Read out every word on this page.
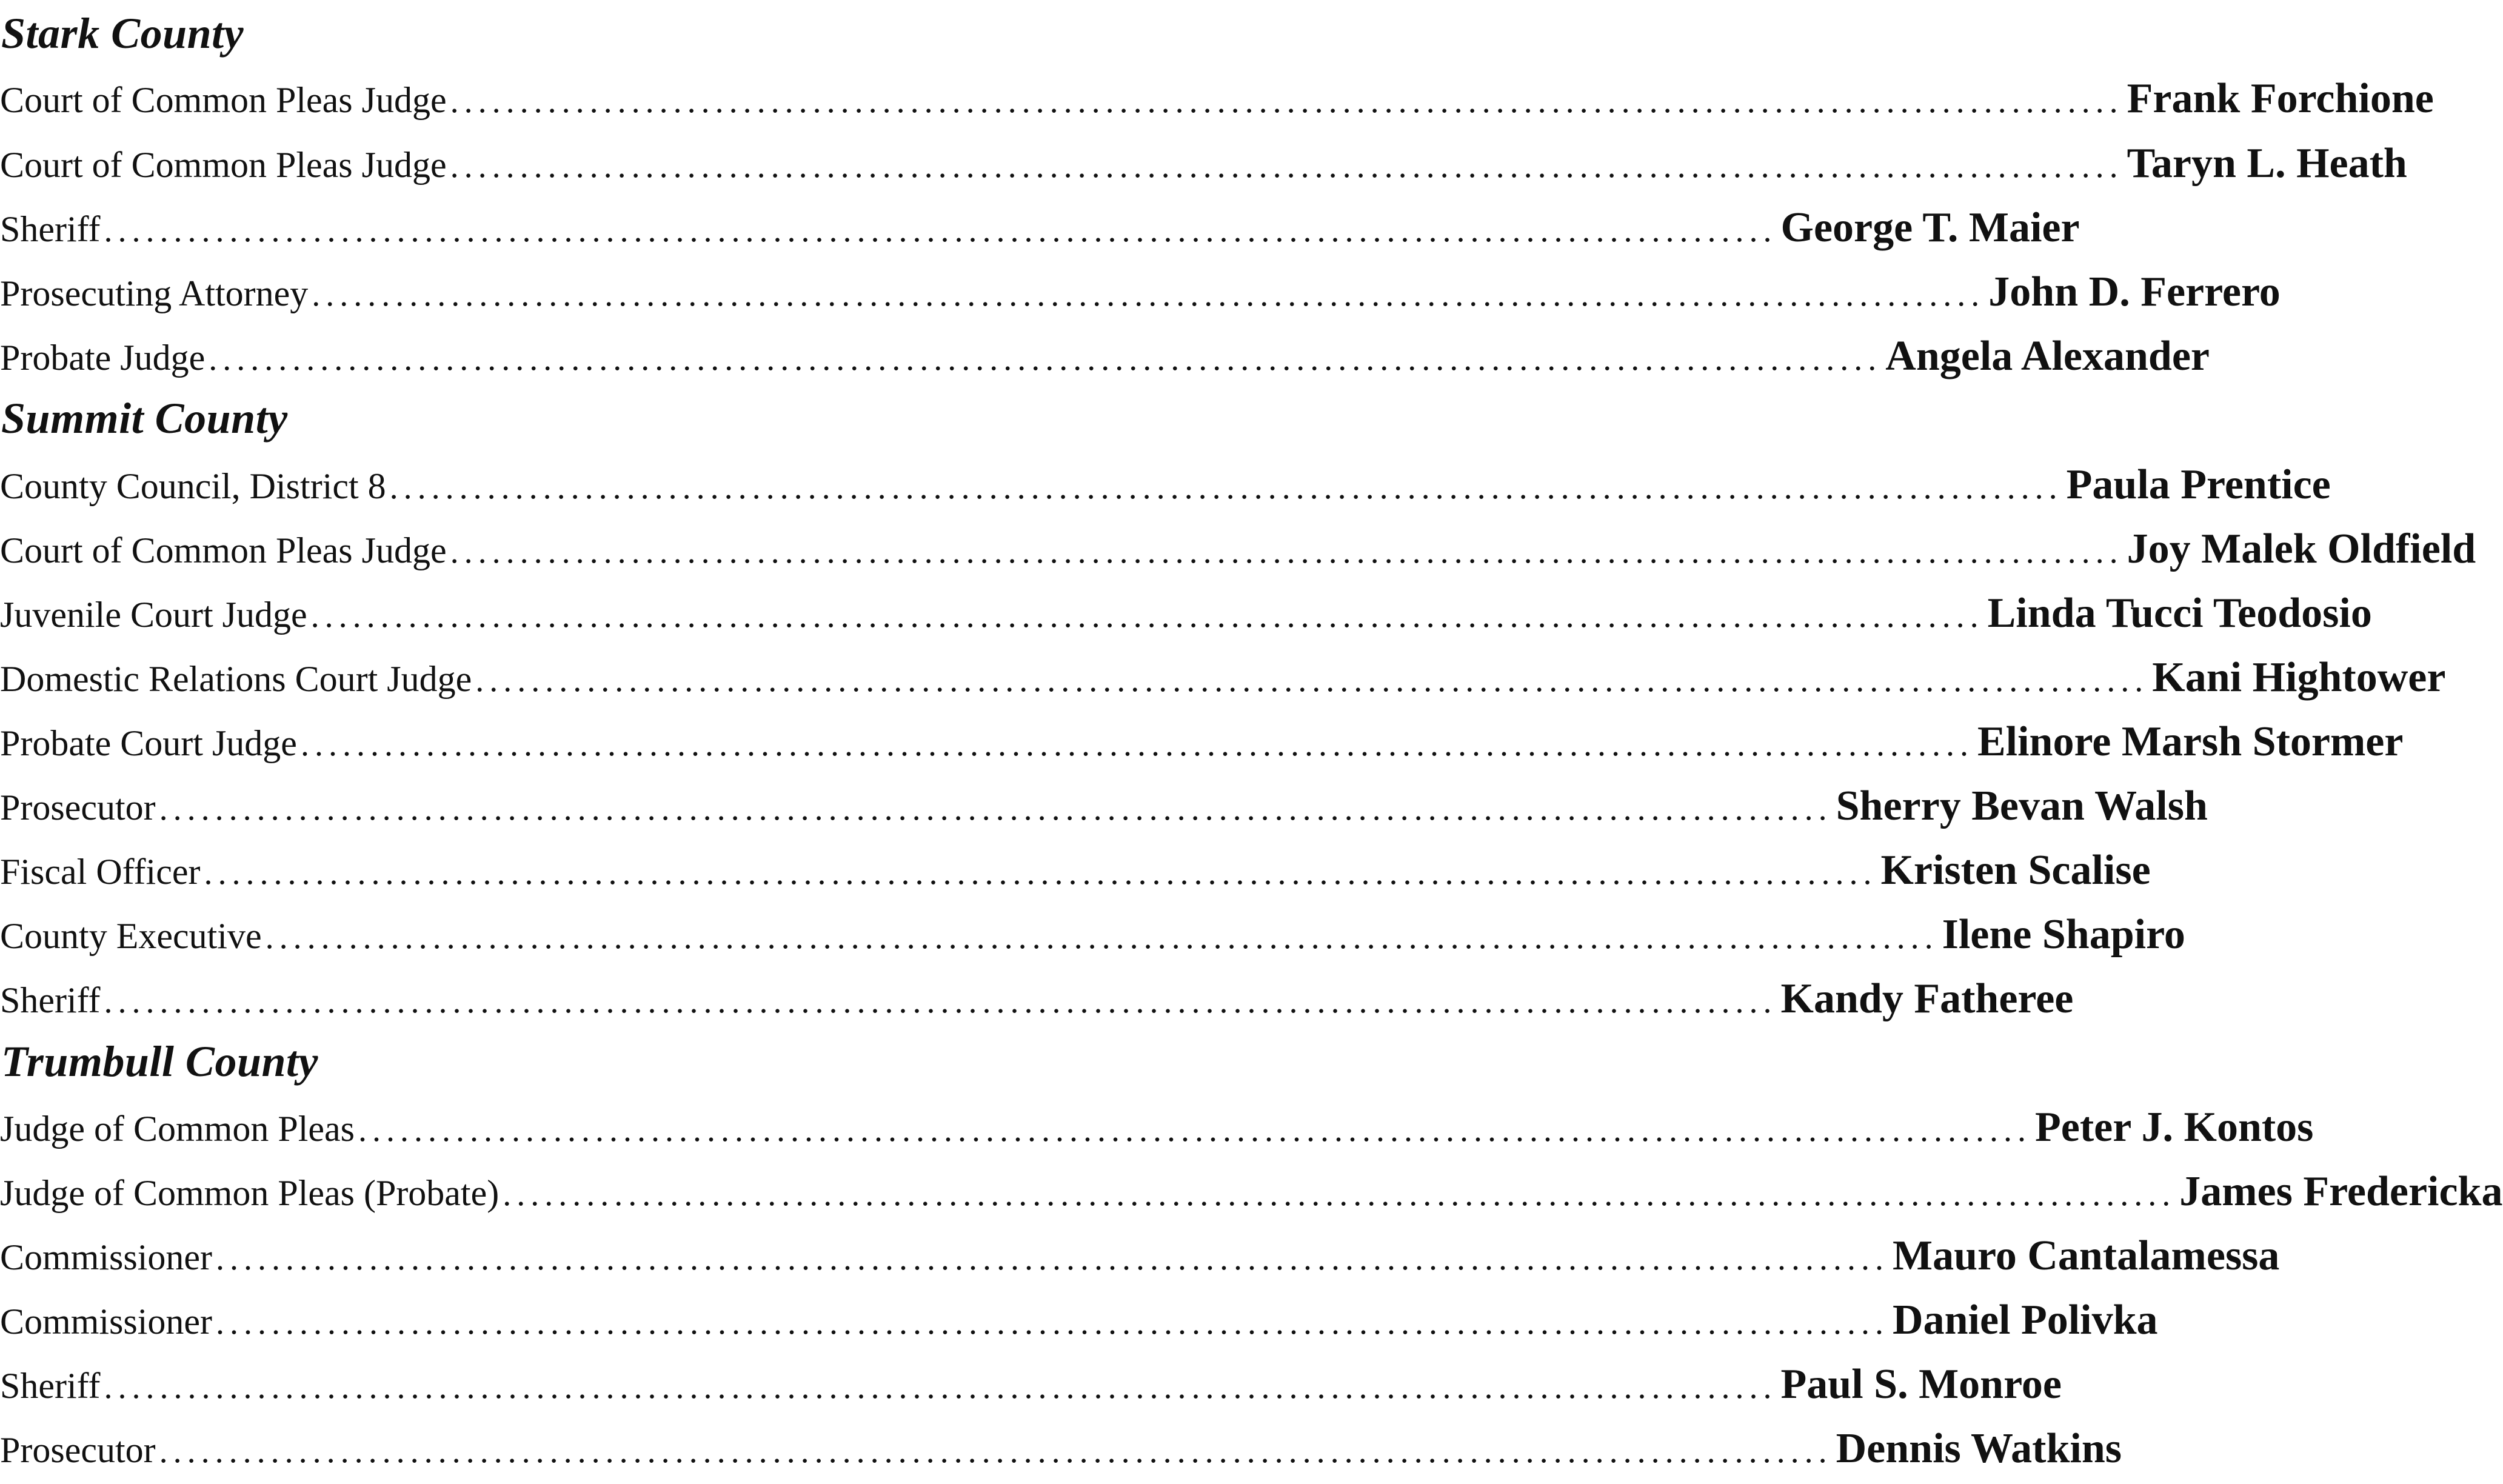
Stark County
Court of Common Pleas Judge ........................................................................................................................ Frank Forchione
Court of Common Pleas Judge ........................................................................................................................ Taryn L. Heath
Sheriff ........................................................................................................................ George T. Maier
Prosecuting Attorney ........................................................................................................................ John D. Ferrero
Probate Judge ........................................................................................................................ Angela Alexander
Summit County
County Council, District 8 ........................................................................................................................ Paula Prentice
Court of Common Pleas Judge ........................................................................................................................ Joy Malek Oldfield
Juvenile Court Judge ........................................................................................................................ Linda Tucci Teodosio
Domestic Relations Court Judge ........................................................................................................................ Kani Hightower
Probate Court Judge ........................................................................................................................ Elinore Marsh Stormer
Prosecutor ........................................................................................................................ Sherry Bevan Walsh
Fiscal Officer ........................................................................................................................ Kristen Scalise
County Executive ........................................................................................................................ Ilene Shapiro
Sheriff ........................................................................................................................ Kandy Fatheree
Trumbull County
Judge of Common Pleas ........................................................................................................................ Peter J. Kontos
Judge of Common Pleas (Probate) ........................................................................................................................ James Fredericka
Commissioner ........................................................................................................................ Mauro Cantalamessa
Commissioner ........................................................................................................................ Daniel Polivka
Sheriff ........................................................................................................................ Paul S. Monroe
Prosecutor ........................................................................................................................ Dennis Watkins
